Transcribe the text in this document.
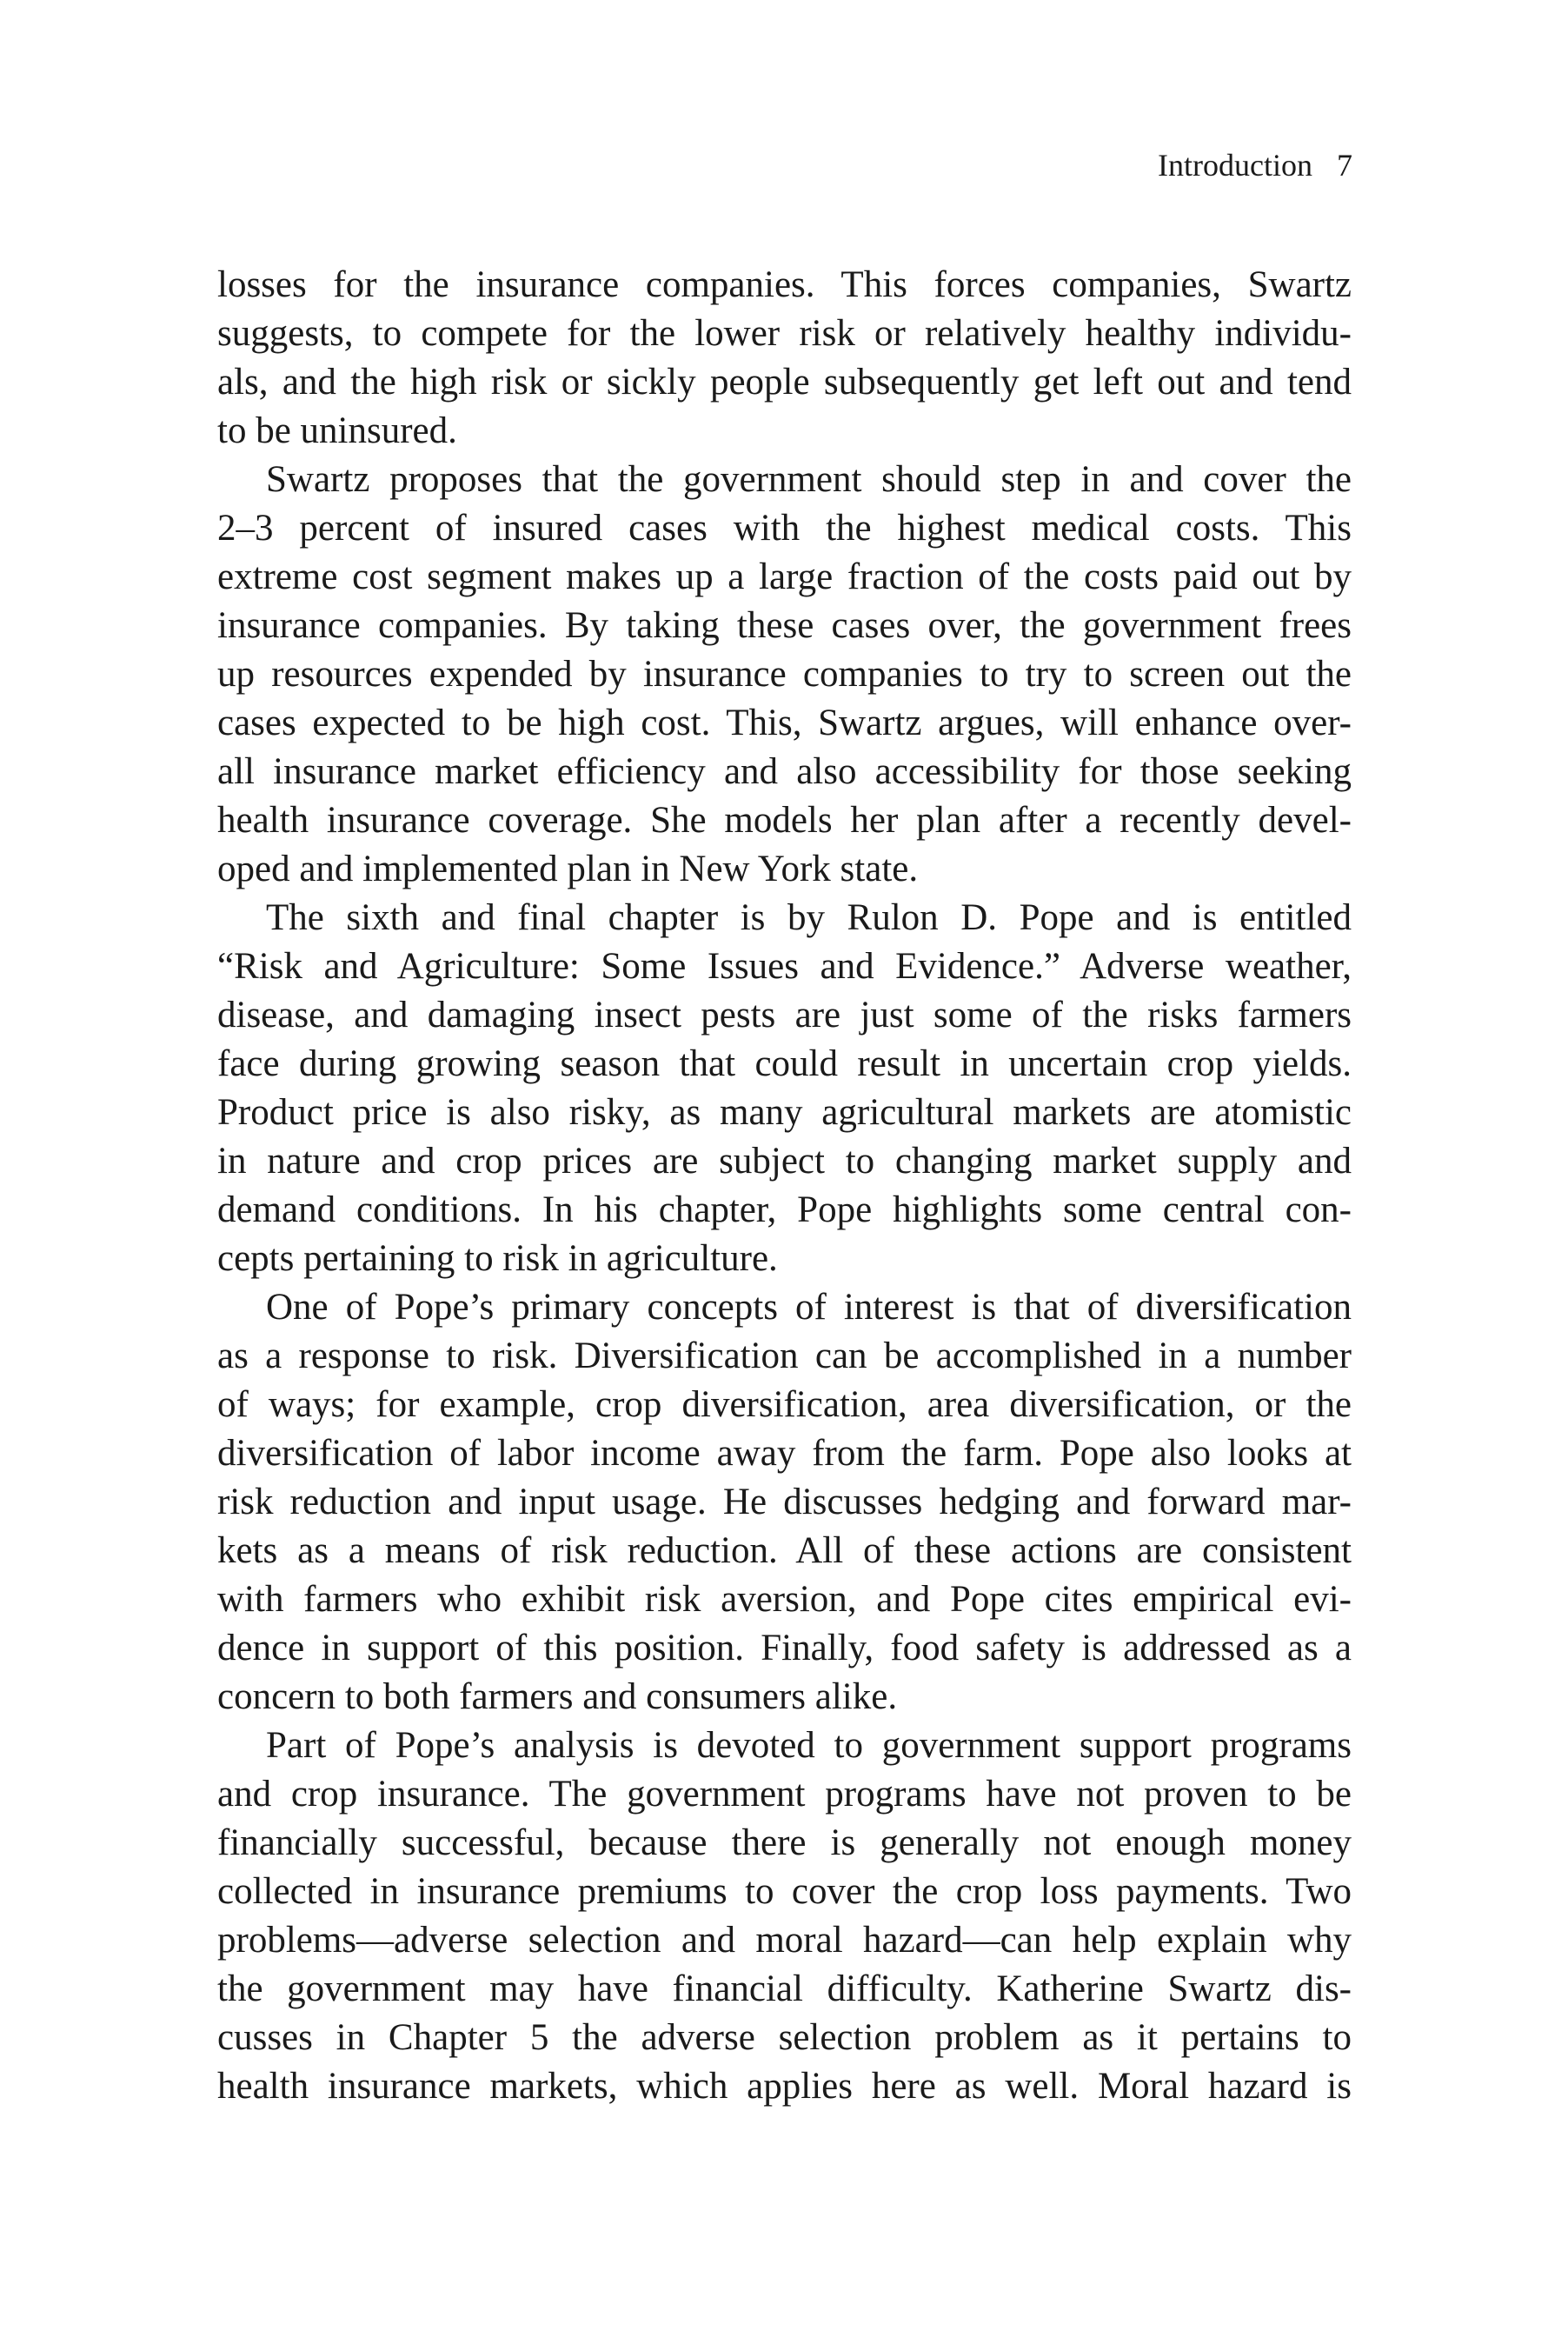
Introduction 7
losses for the insurance companies. This forces companies, Swartz
suggests, to compete for the lower risk or relatively healthy individu-
als, and the high risk or sickly people subsequently get left out and tend
to be uninsured.
Swartz proposes that the government should step in and cover the
2–3 percent of insured cases with the highest medical costs. This
extreme cost segment makes up a large fraction of the costs paid out by
insurance companies. By taking these cases over, the government frees
up resources expended by insurance companies to try to screen out the
cases expected to be high cost. This, Swartz argues, will enhance over-
all insurance market efficiency and also accessibility for those seeking
health insurance coverage. She models her plan after a recently devel-
oped and implemented plan in New York state.
The sixth and final chapter is by Rulon D. Pope and is entitled
“Risk and Agriculture: Some Issues and Evidence.” Adverse weather,
disease, and damaging insect pests are just some of the risks farmers
face during growing season that could result in uncertain crop yields.
Product price is also risky, as many agricultural markets are atomistic
in nature and crop prices are subject to changing market supply and
demand conditions. In his chapter, Pope highlights some central con-
cepts pertaining to risk in agriculture.
One of Pope’s primary concepts of interest is that of diversification
as a response to risk. Diversification can be accomplished in a number
of ways; for example, crop diversification, area diversification, or the
diversification of labor income away from the farm. Pope also looks at
risk reduction and input usage. He discusses hedging and forward mar-
kets as a means of risk reduction. All of these actions are consistent
with farmers who exhibit risk aversion, and Pope cites empirical evi-
dence in support of this position. Finally, food safety is addressed as a
concern to both farmers and consumers alike.
Part of Pope’s analysis is devoted to government support programs
and crop insurance. The government programs have not proven to be
financially successful, because there is generally not enough money
collected in insurance premiums to cover the crop loss payments. Two
problems—adverse selection and moral hazard—can help explain why
the government may have financial difficulty. Katherine Swartz dis-
cusses in Chapter 5 the adverse selection problem as it pertains to
health insurance markets, which applies here as well. Moral hazard is
